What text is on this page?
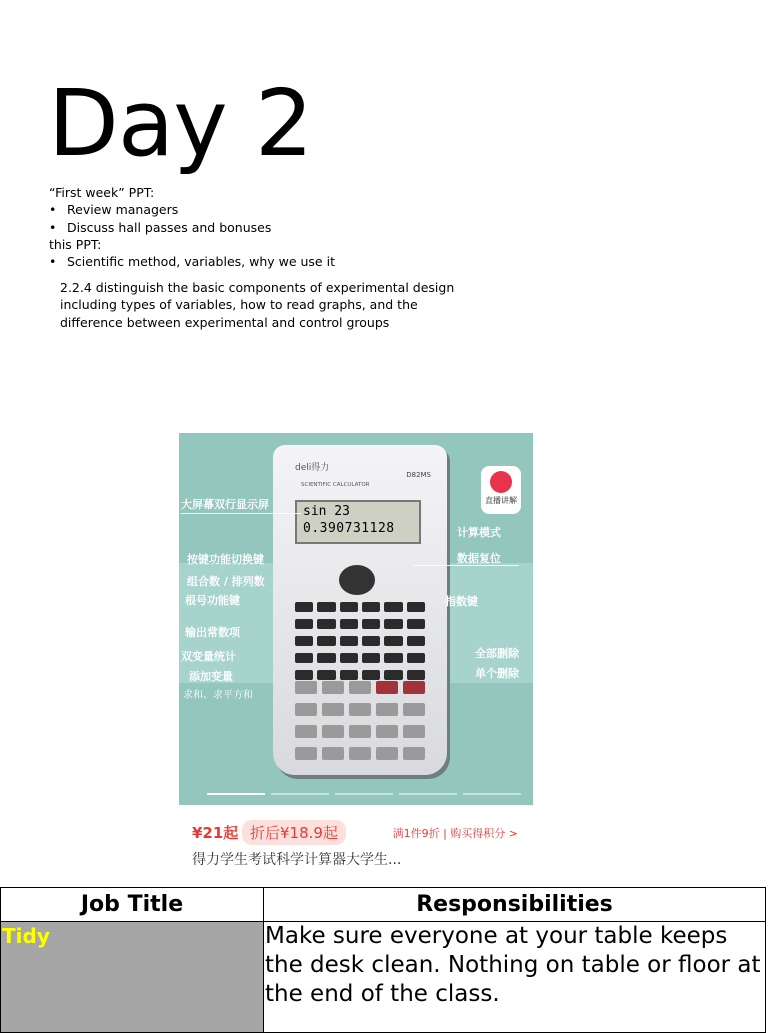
Day 2
“First week” PPT:
• Review managers
• Discuss hall passes and bonuses
this PPT:
• Scientific method, variables, why we use it
2.2.4 distinguish the basic components of experimental design
including types of variables, how to read graphs, and the
difference between experimental and control groups
deli得力
D82MS
SCIENTIFIC CALCULATOR
sin 23
0.390731128
大屏幕双行显示屏
按键功能切换键
组合数 / 排列数
根号功能键
输出常数项
双变量统计
添加变量
求和、求平方和
计算模式
数据复位
指数键
全部删除
单个删除
直播讲解
¥21起 折后¥18.9起	满1件9折 | 购买得积分 >
得力学生考试科学计算器大学生...
Job Title	Responsibilities
Tidy	Make sure everyone at your table keeps the desk clean. Nothing on table or floor at the end of the class.
